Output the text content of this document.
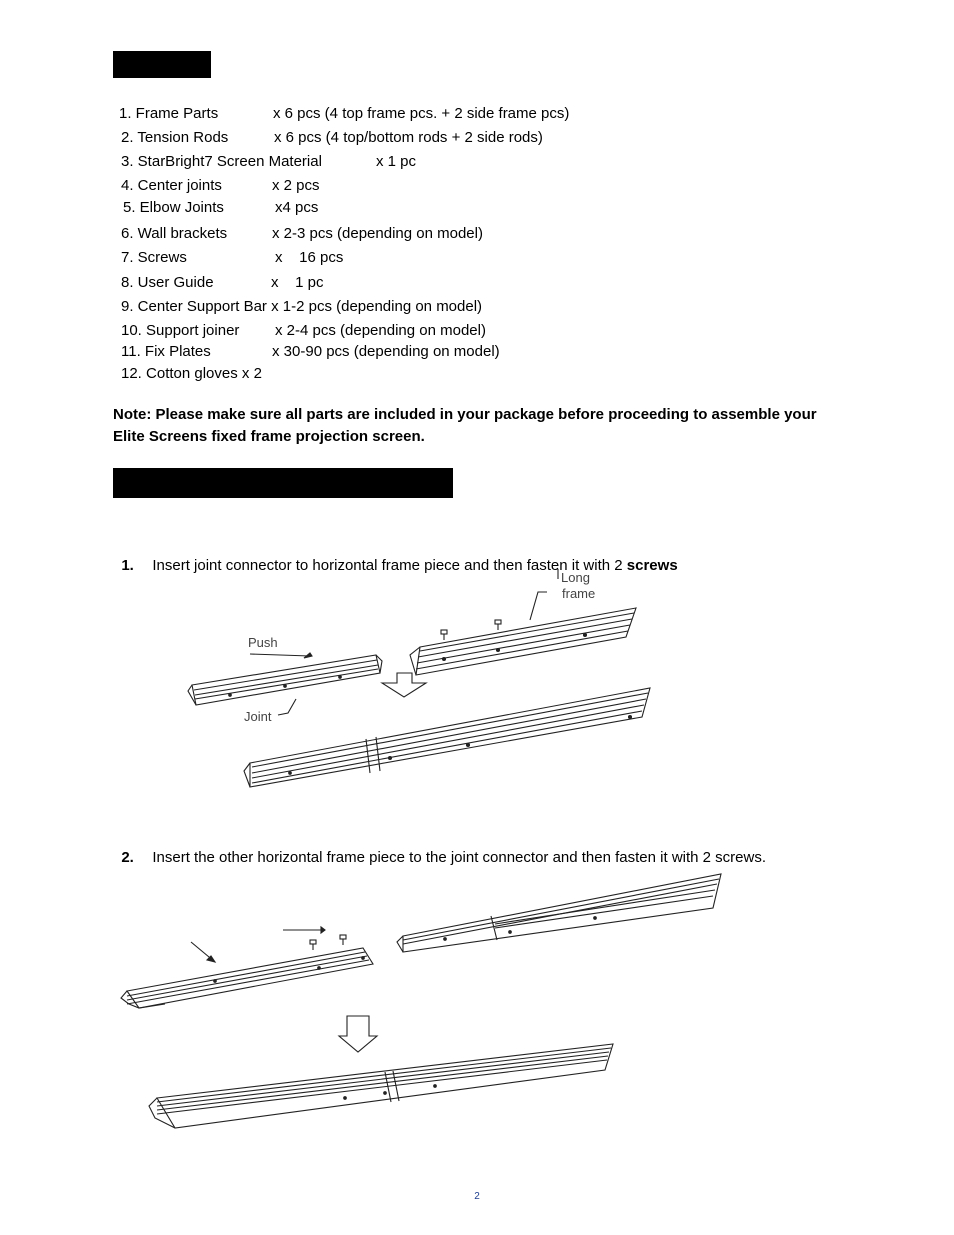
1. Frame Parts	x 6 pcs (4 top frame pcs. + 2 side frame pcs)
2. Tension Rods	x 6 pcs (4 top/bottom rods + 2 side rods)
3. StarBright7 Screen Material	x 1 pc
4. Center joints	x 2 pcs
5. Elbow Joints	x4 pcs
6. Wall brackets	x 2-3 pcs (depending on model)
7. Screws	x    16 pcs
8. User Guide	x    1 pc
9. Center Support Bar x 1-2 pcs (depending on model)
10. Support joiner x 2-4 pcs (depending on model)
11. Fix Plates	x 30-90 pcs (depending on model)
12. Cotton gloves x 2
Note: Please make sure all parts are included in your package before proceeding to assemble your Elite Screens fixed frame projection screen.

1. Insert joint connector to horizontal frame piece and then fasten it with 2 screws

Long
frame
Push
Joint

2. Insert the other horizontal frame piece to the joint connector and then fasten it with 2 screws.

2
